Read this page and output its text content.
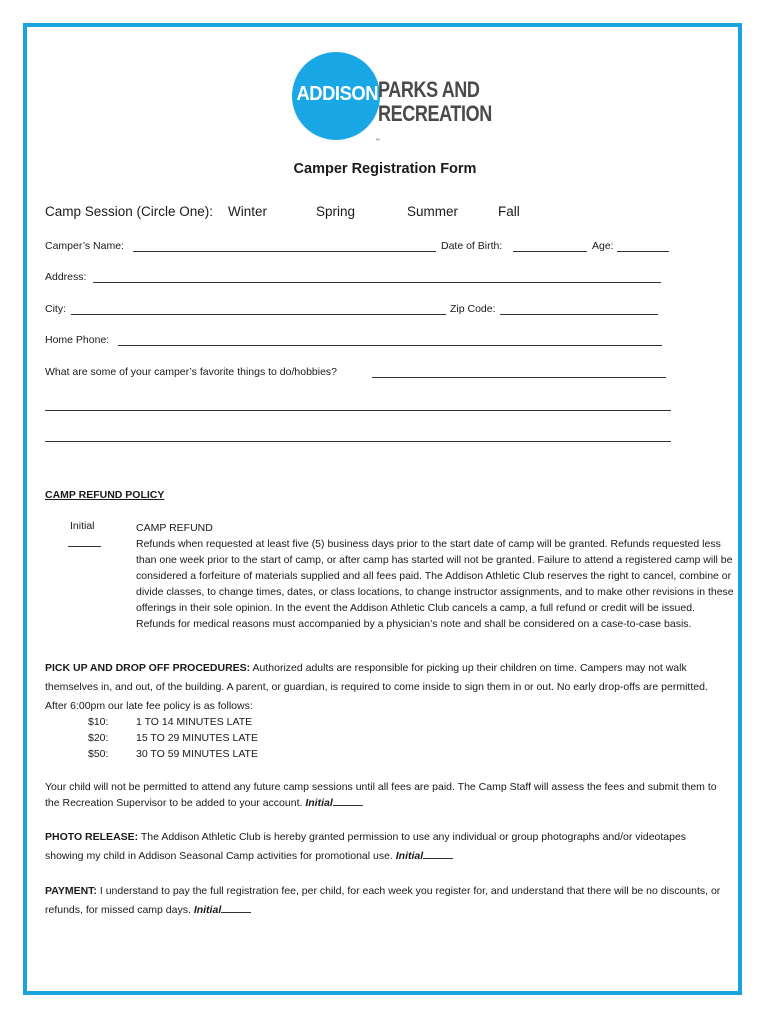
ADDISON PARKS AND
RECREATION
™
Camper Registration Form
Camp Session (Circle One): Winter	Spring	Summer	Fall
Camper’s Name:	Date of Birth:	Age:
Address:
City:	Zip Code:
Home Phone:
What are some of your camper’s favorite things to do/hobbies?
CAMP REFUND POLICY
Initial	CAMP REFUND
Refunds when requested at least five (5) business days prior to the start date of camp will be granted. Refunds requested less than one week prior to the start of camp, or after camp has started will not be granted. Failure to attend a registered camp will be considered a forfeiture of materials supplied and all fees paid. The Addison Athletic Club reserves the right to cancel, combine or divide classes, to change times, dates, or class locations, to change instructor assignments, and to make other revisions in these offerings in their sole opinion. In the event the Addison Athletic Club cancels a camp, a full refund or credit will be issued. Refunds for medical reasons must accompanied by a physician’s note and shall be considered on a case-to-case basis.
PICK UP AND DROP OFF PROCEDURES: Authorized adults are responsible for picking up their children on time. Campers may not walk themselves in, and out, of the building. A parent, or guardian, is required to come inside to sign them in or out. No early drop-offs are permitted. After 6:00pm our late fee policy is as follows:
$10:	1 TO 14 MINUTES LATE
$20:	15 TO 29 MINUTES LATE
$50:	30 TO 59 MINUTES LATE
Your child will not be permitted to attend any future camp sessions until all fees are paid. The Camp Staff will assess the fees and submit them to the Recreation Supervisor to be added to your account. Initial
PHOTO RELEASE: The Addison Athletic Club is hereby granted permission to use any individual or group photographs and/or videotapes showing my child in Addison Seasonal Camp activities for promotional use. Initial
PAYMENT: I understand to pay the full registration fee, per child, for each week you register for, and understand that there will be no discounts, or refunds, for missed camp days. Initial
